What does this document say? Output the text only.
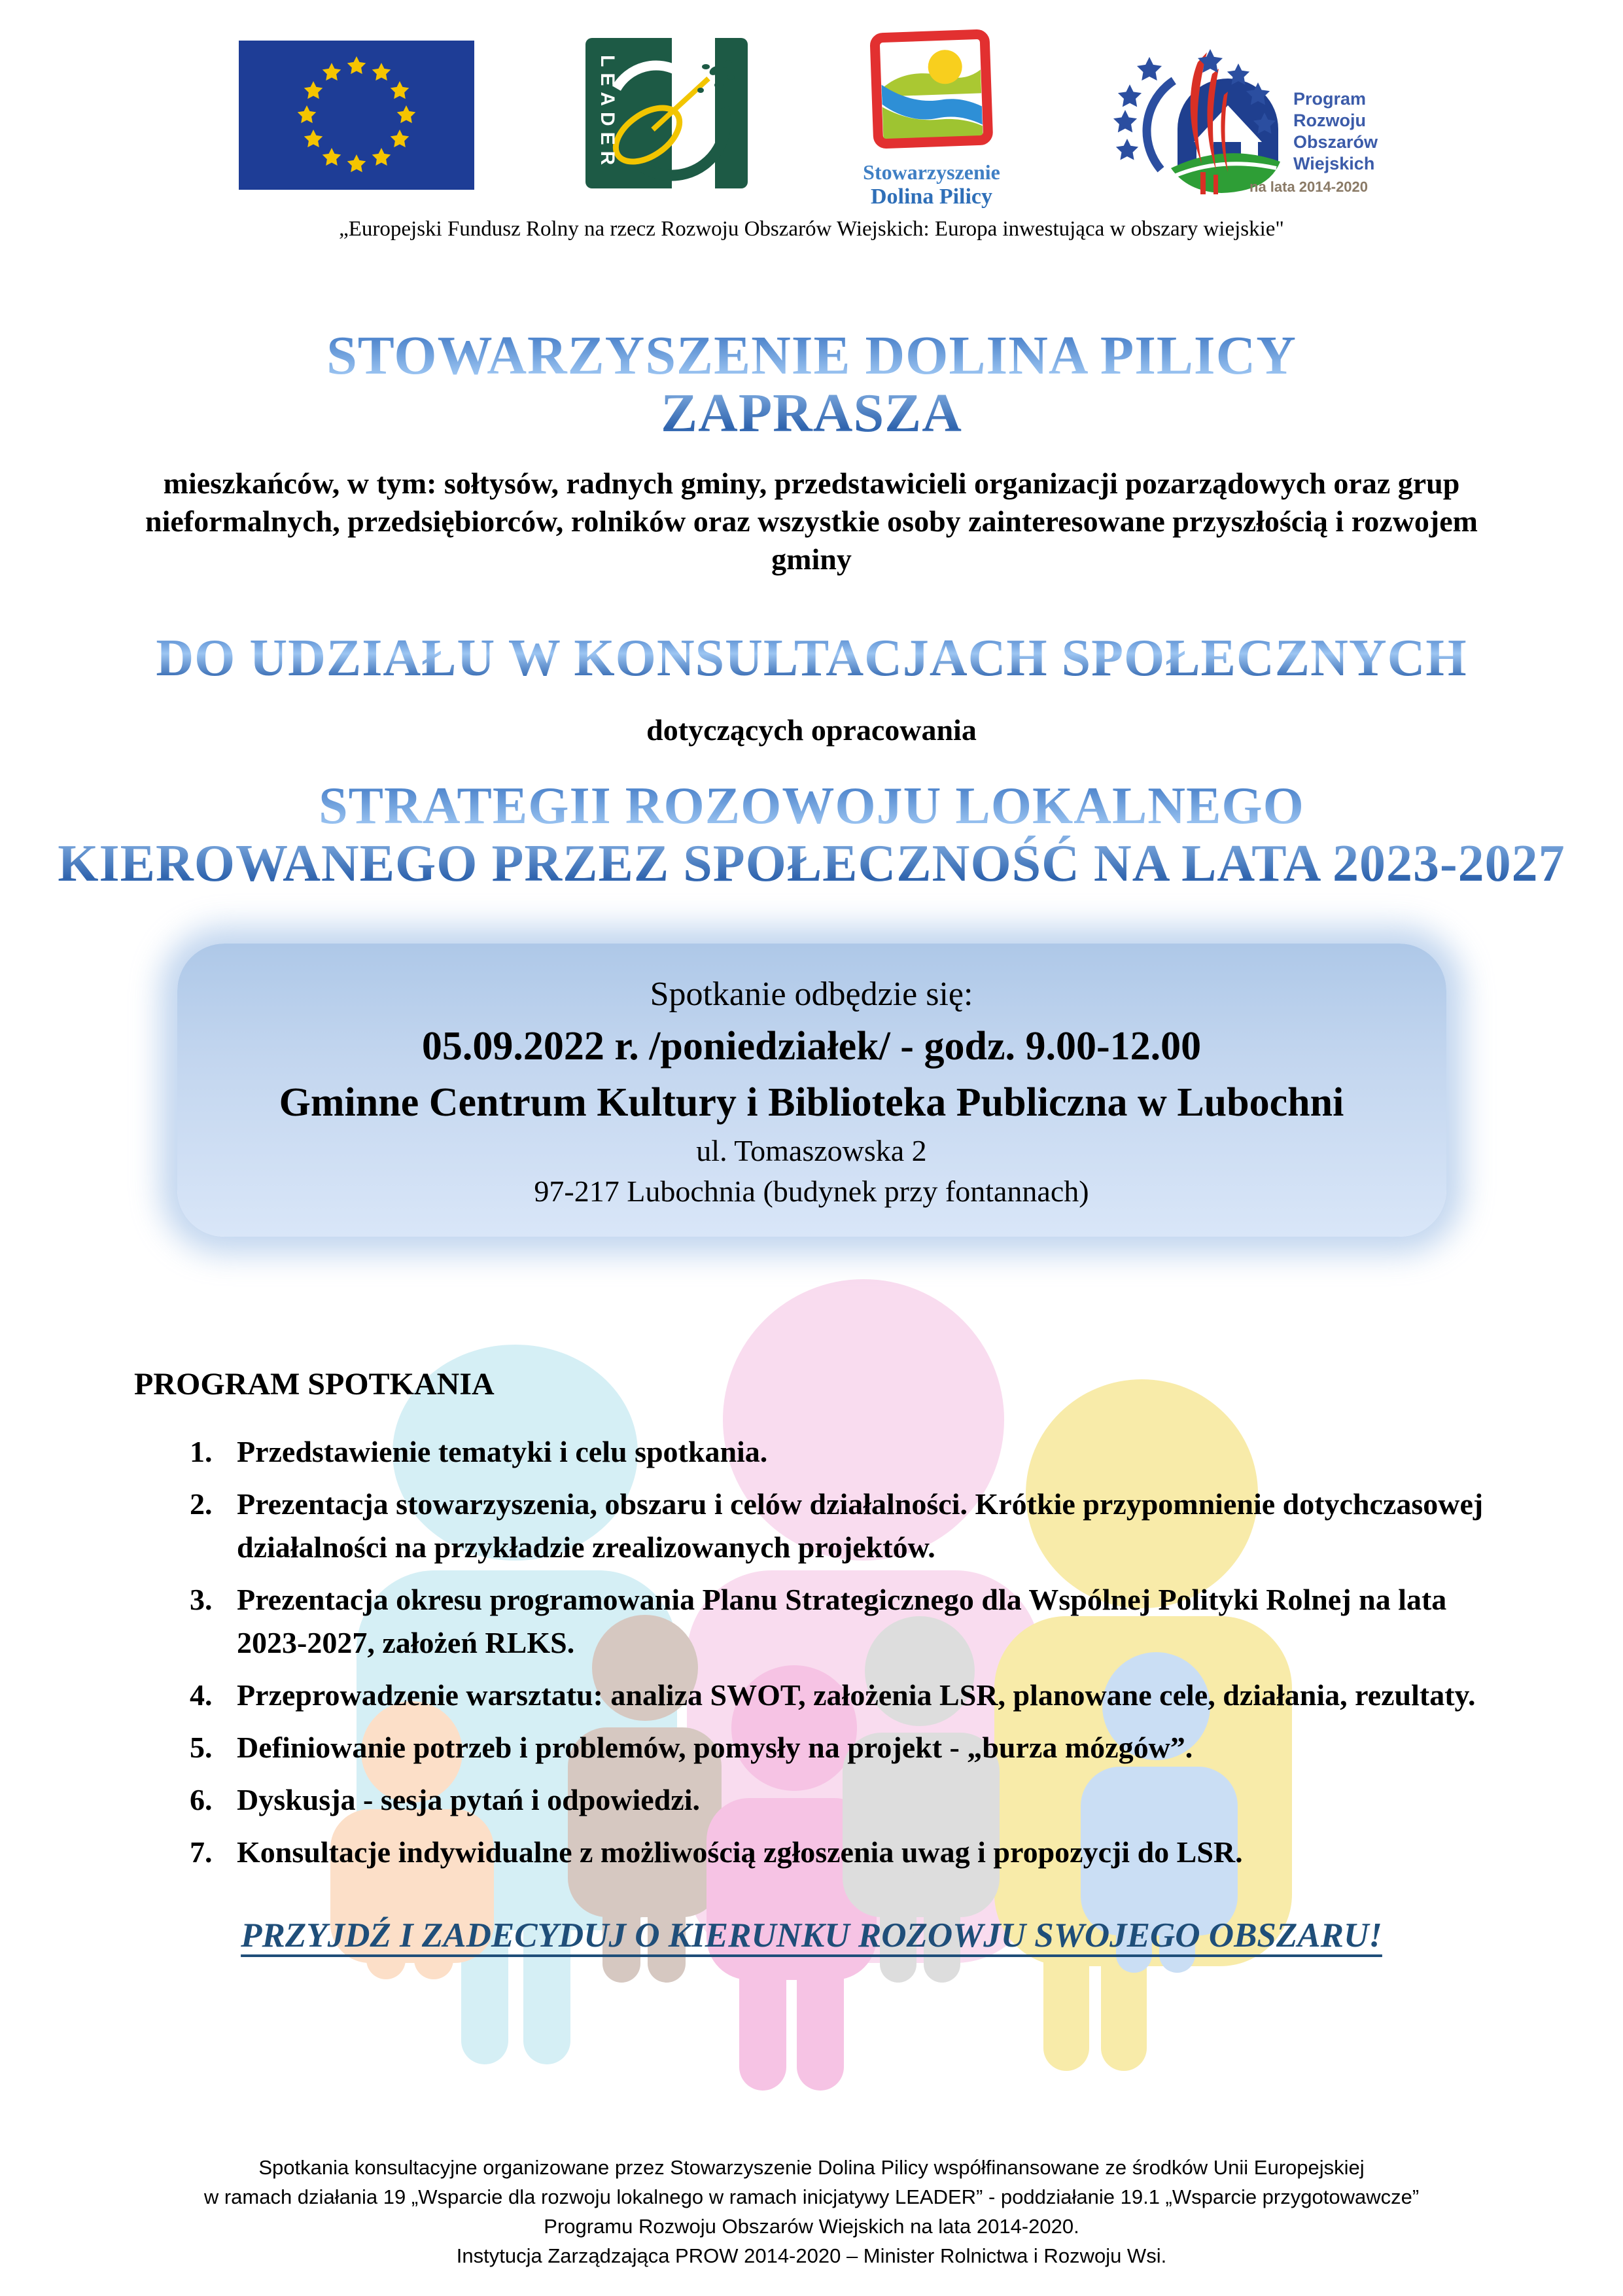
Stowarzyszenie
Dolina Pilicy
Program
Rozwoju
Obszarów
Wiejskich
na lata 2014-2020
„Europejski Fundusz Rolny na rzecz Rozwoju Obszarów Wiejskich: Europa inwestująca w obszary wiejskie"
STOWARZYSZENIE DOLINA PILICY
ZAPRASZA
mieszkańców, w tym: sołtysów, radnych gminy, przedstawicieli organizacji pozarządowych oraz grup nieformalnych, przedsiębiorców, rolników oraz wszystkie osoby zainteresowane przyszłością i rozwojem gminy
DO UDZIAŁU W KONSULTACJACH SPOŁECZNYCH
dotyczących opracowania
STRATEGII ROZOWOJU LOKALNEGO
KIEROWANEGO PRZEZ SPOŁECZNOŚĆ NA LATA 2023-2027
Spotkanie odbędzie się:
05.09.2022 r. /poniedziałek/ - godz. 9.00-12.00
Gminne Centrum Kultury i Biblioteka Publiczna w Lubochni
ul. Tomaszowska 2
97-217 Lubochnia (budynek przy fontannach)
PROGRAM SPOTKANIA
Przedstawienie tematyki i celu spotkania.
Prezentacja stowarzyszenia, obszaru i celów działalności. Krótkie przypomnienie dotychczasowej działalności na przykładzie zrealizowanych projektów.
Prezentacja okresu programowania Planu Strategicznego dla Wspólnej Polityki Rolnej na lata 2023-2027, założeń RLKS.
Przeprowadzenie warsztatu: analiza SWOT, założenia LSR, planowane cele, działania, rezultaty.
Definiowanie potrzeb i problemów, pomysły na projekt - „burza mózgów”.
Dyskusja - sesja pytań i odpowiedzi.
Konsultacje indywidualne z możliwością zgłoszenia uwag i propozycji do LSR.
PRZYJDŹ I ZADECYDUJ O KIERUNKU ROZOWJU SWOJEGO OBSZARU!
Spotkania konsultacyjne organizowane przez Stowarzyszenie Dolina Pilicy współfinansowane ze środków Unii Europejskiej
w ramach działania 19 „Wsparcie dla rozwoju lokalnego w ramach inicjatywy LEADER” - poddziałanie 19.1 „Wsparcie przygotowawcze”
Programu Rozwoju Obszarów Wiejskich na lata 2014-2020.
Instytucja Zarządzająca PROW 2014-2020 – Minister Rolnictwa i Rozwoju Wsi.
